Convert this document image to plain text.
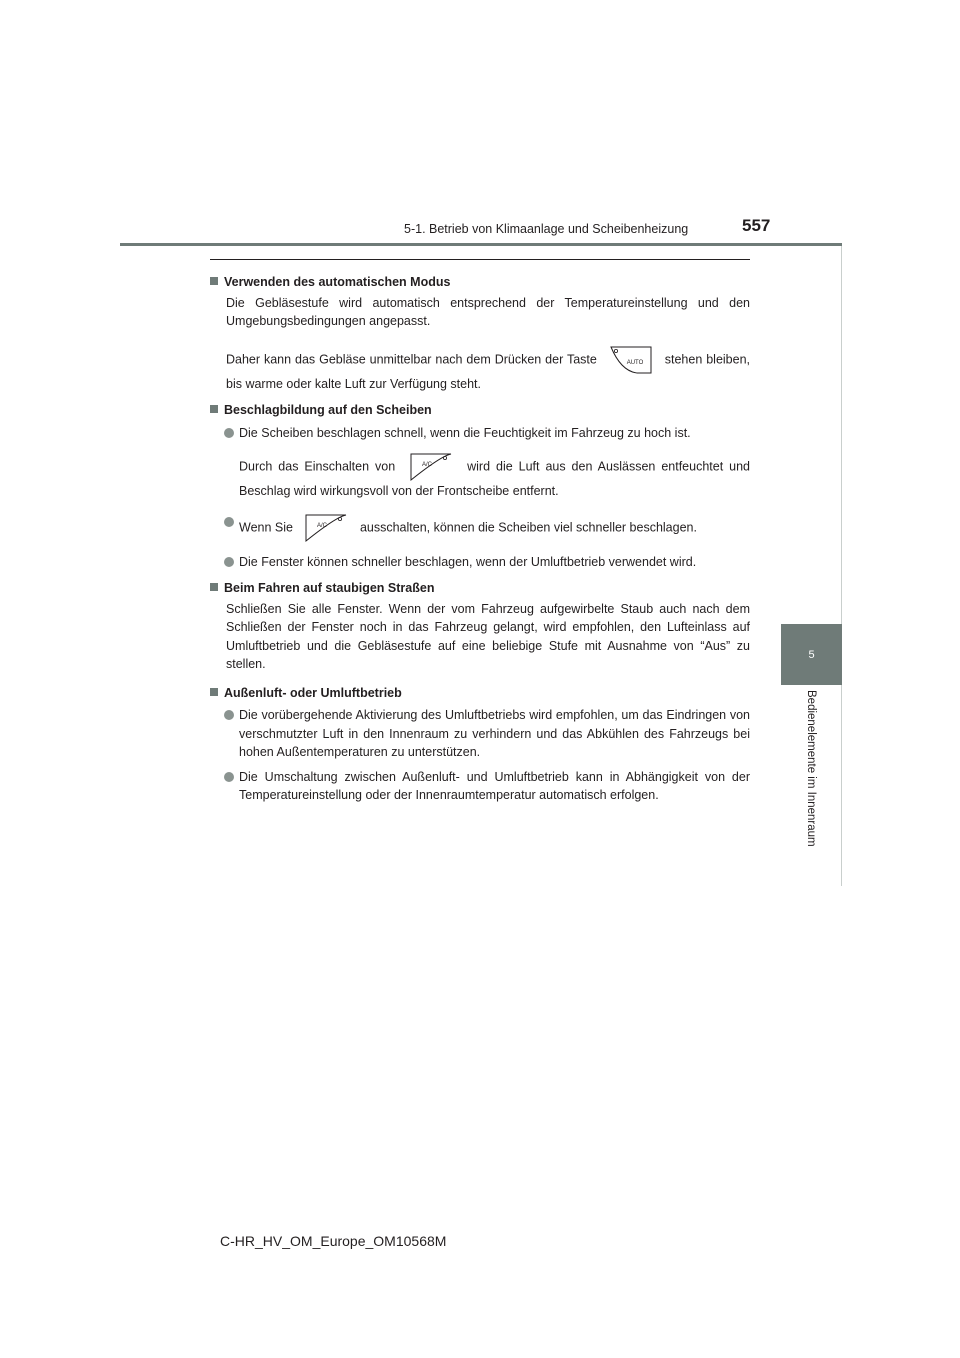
5-1. Betrieb von Klimaanlage und Scheibenheizung	557
5
Bedienelemente im Innenraum
Verwenden des automatischen Modus
Die Gebläsestufe wird automatisch entsprechend der Temperatureinstellung und den Umgebungsbedingungen angepasst.
Daher kann das Gebläse unmittelbar nach dem Drücken der Taste	AUTO stehen bleiben, bis warme oder kalte Luft zur Verfügung steht.
Beschlagbildung auf den Scheiben
Die Scheiben beschlagen schnell, wenn die Feuchtigkeit im Fahrzeug zu hoch ist.
Durch das Einschalten von	A/C	wird die Luft aus den Auslässen entfeuchtet und Beschlag wird wirkungsvoll von der Frontscheibe entfernt.
Wenn Sie	A/C	ausschalten, können die Scheiben viel schneller beschlagen.
Die Fenster können schneller beschlagen, wenn der Umluftbetrieb verwendet wird.
Beim Fahren auf staubigen Straßen
Schließen Sie alle Fenster. Wenn der vom Fahrzeug aufgewirbelte Staub auch nach dem Schließen der Fenster noch in das Fahrzeug gelangt, wird empfohlen, den Lufteinlass auf Umluftbetrieb und die Gebläsestufe auf eine beliebige Stufe mit Ausnahme von “Aus” zu stellen.
Außenluft- oder Umluftbetrieb
Die vorübergehende Aktivierung des Umluftbetriebs wird empfohlen, um das Eindringen von verschmutzter Luft in den Innenraum zu verhindern und das Abkühlen des Fahrzeugs bei hohen Außentemperaturen zu unterstützen.
Die Umschaltung zwischen Außenluft- und Umluftbetrieb kann in Abhängigkeit von der Temperatureinstellung oder der Innenraumtemperatur automatisch erfolgen.
C-HR_HV_OM_Europe_OM10568M
